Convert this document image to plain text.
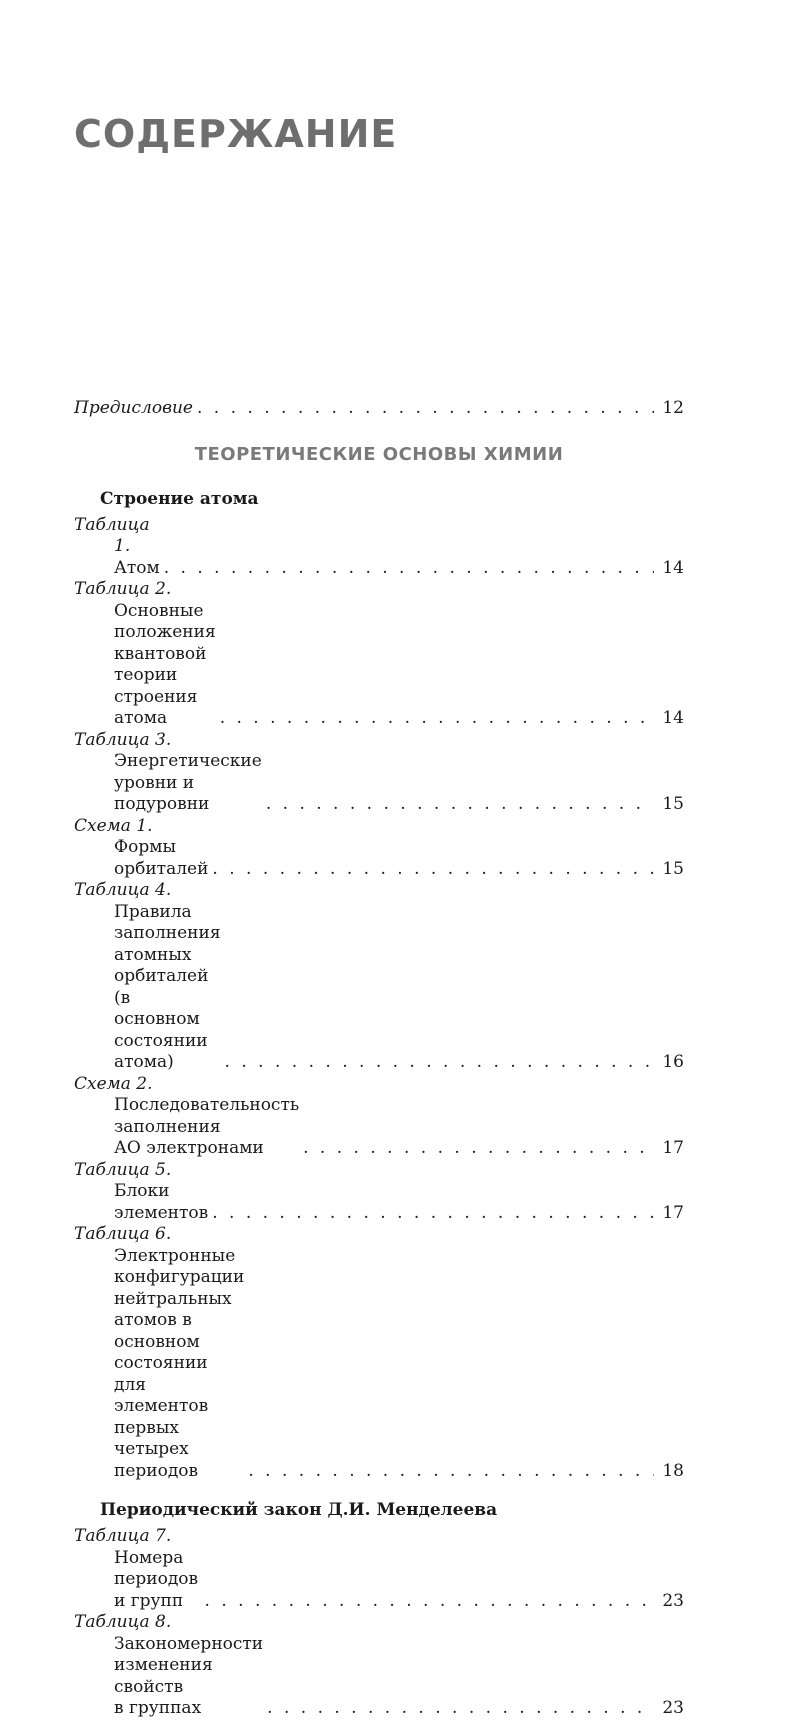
СОДЕРЖАНИЕ
Предисловие . . .	12
ТЕОРЕТИЧЕСКИЕ ОСНОВЫ ХИМИИ
Строение атома
Таблица 1. Атом . . .	14
Таблица 2. Основные положения квантовой
теории строения атома . . .	14
Таблица 3. Энергетические уровни и подуровни . . .	15
Схема 1. Формы орбиталей . . .	15
Таблица 4. Правила заполнения атомных
орбиталей (в основном состоянии атома) . . .	16
Схема 2. Последовательность заполнения
АО электронами . . .	17
Таблица 5. Блоки элементов . . .	17
Таблица 6. Электронные конфигурации
нейтральных атомов в основном состоянии
для элементов первых четырех периодов . . .	18
Периодический закон Д.И. Менделеева
Таблица 7. Номера периодов и групп . . .	23
Таблица 8. Закономерности изменения свойств
в группах . . .	23
